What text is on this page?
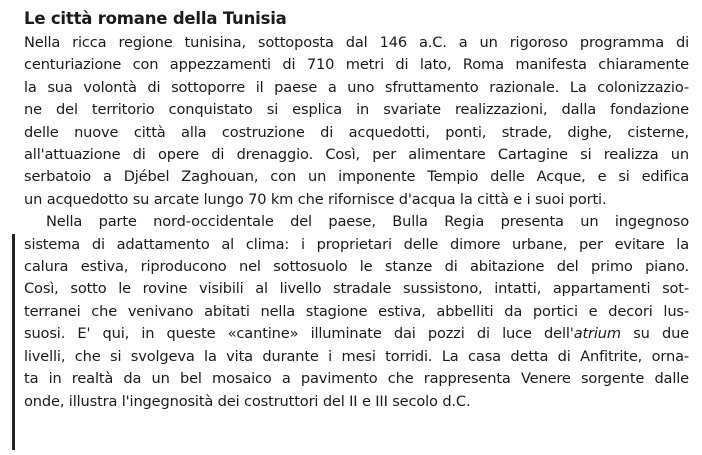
Le città romane della Tunisia

Nella ricca regione tunisina, sottoposta dal 146 a.C. a un rigoroso programma di
centuriazione con appezzamenti di 710 metri di lato, Roma manifesta chiaramente
la sua volontà di sottoporre il paese a uno sfruttamento razionale. La colonizzazio-
ne del territorio conquistato si esplica in svariate realizzazioni, dalla fondazione
delle nuove città alla costruzione di acquedotti, ponti, strade, dighe, cisterne,
all'attuazione di opere di drenaggio. Così, per alimentare Cartagine si realizza un
serbatoio a Djébel Zaghouan, con un imponente Tempio delle Acque, e si edifica
un acquedotto su arcate lungo 70 km che rifornisce d'acqua la città e i suoi porti.

Nella parte nord-occidentale del paese, Bulla Regia presenta un ingegnoso
sistema di adattamento al clima: i proprietari delle dimore urbane, per evitare la
calura estiva, riproducono nel sottosuolo le stanze di abitazione del primo piano.
Così, sotto le rovine visibili al livello stradale sussistono, intatti, appartamenti sot-
terranei che venivano abitati nella stagione estiva, abbelliti da portici e decori lus-
suosi. E' qui, in queste «cantine» illuminate dai pozzi di luce dell'atrium su due
livelli, che si svolgeva la vita durante i mesi torridi. La casa detta di Anfitrite, orna-
ta in realtà da un bel mosaico a pavimento che rappresenta Venere sorgente dalle
onde, illustra l'ingegnosità dei costruttori del II e III secolo d.C.
